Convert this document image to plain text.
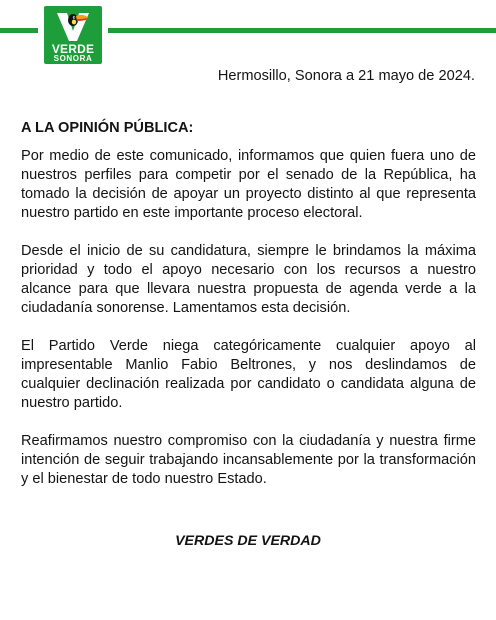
VERDE
SONORA
Hermosillo, Sonora a 21 mayo de 2024.
A LA OPINIÓN PÚBLICA:

Por medio de este comunicado, informamos que quien fuera uno de nuestros perfiles para competir por el senado de la República, ha tomado la decisión de apoyar un proyecto distinto al que representa nuestro partido en este importante proceso electoral.

Desde el inicio de su candidatura, siempre le brindamos la máxima prioridad y todo el apoyo necesario con los recursos a nuestro alcance para que llevara nuestra propuesta de agenda verde a la ciudadanía sonorense. Lamentamos esta decisión.

El Partido Verde niega categóricamente cualquier apoyo al impresentable Manlio Fabio Beltrones, y nos deslindamos de cualquier declinación realizada por candidato o candidata alguna de nuestro partido.

Reafirmamos nuestro compromiso con la ciudadanía y nuestra firme intención de seguir trabajando incansablemente por la transformación y el bienestar de todo nuestro Estado.

VERDES DE VERDAD
